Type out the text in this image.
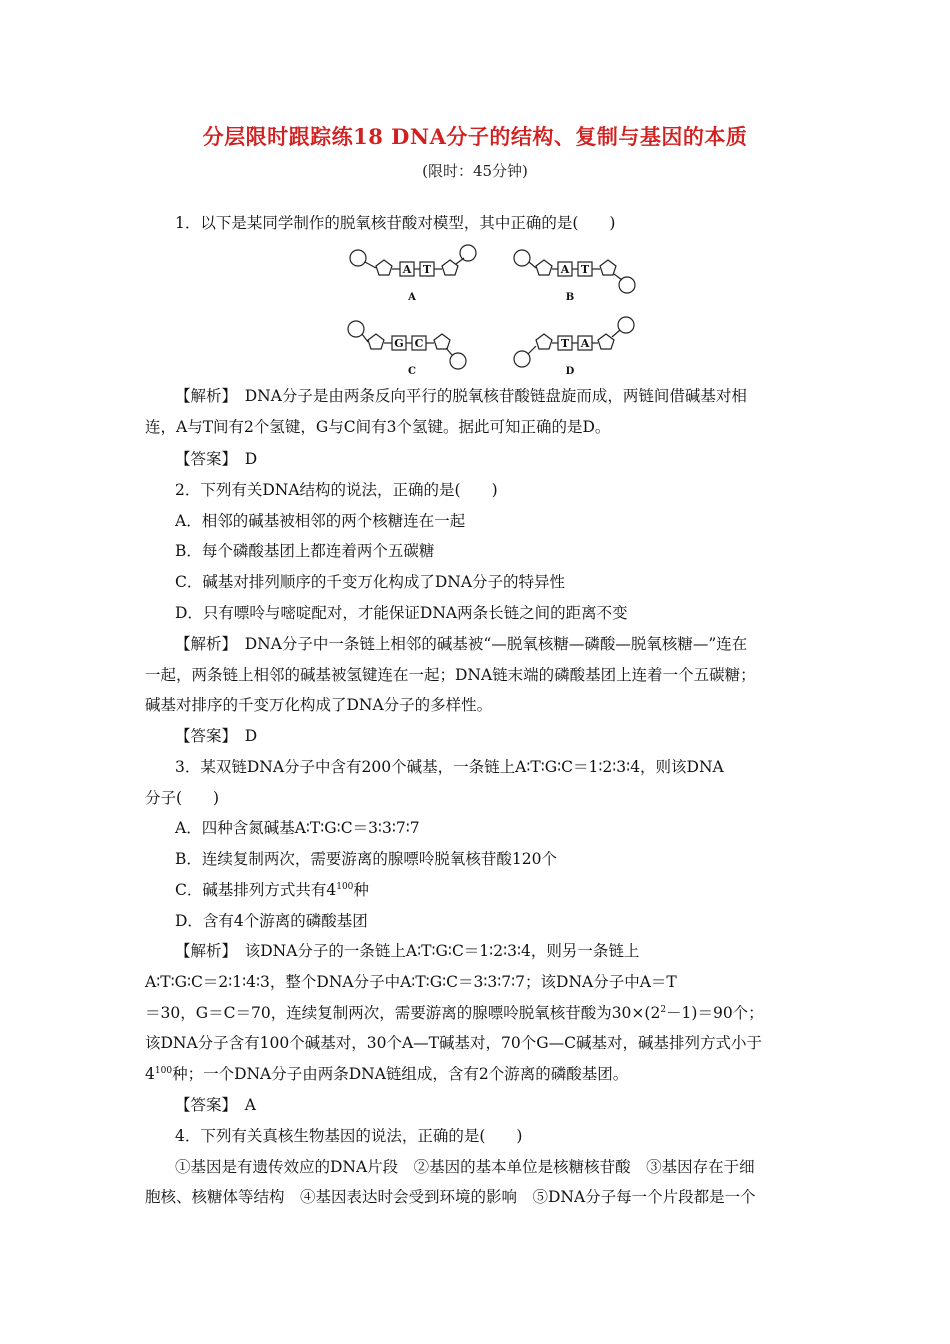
分层限时跟踪练18 DNA分子的结构、复制与基因的本质
(限时：45分钟)
1．以下是某同学制作的脱氧核苷酸对模型，其中正确的是(　　)
A T	A T
G C	T A
A	B
C	D
【解析】　DNA分子是由两条反向平行的脱氧核苷酸链盘旋而成，两链间借碱基对相
连，A与T间有2个氢键，G与C间有3个氢键。据此可知正确的是D。
【答案】　D
2．下列有关DNA结构的说法，正确的是(　　)
A．相邻的碱基被相邻的两个核糖连在一起
B．每个磷酸基团上都连着两个五碳糖
C．碱基对排列顺序的千变万化构成了DNA分子的特异性
D．只有嘌呤与嘧啶配对，才能保证DNA两条长链之间的距离不变
【解析】　DNA分子中一条链上相邻的碱基被“—脱氧核糖—磷酸—脱氧核糖—”连在
一起，两条链上相邻的碱基被氢键连在一起；DNA链末端的磷酸基团上连着一个五碳糖；
碱基对排序的千变万化构成了DNA分子的多样性。
【答案】　D
3．某双链DNA分子中含有200个碱基，一条链上A∶T∶G∶C＝1∶2∶3∶4，则该DNA
分子(　　)
A．四种含氮碱基A∶T∶G∶C＝3∶3∶7∶7
B．连续复制两次，需要游离的腺嘌呤脱氧核苷酸120个
C．碱基排列方式共有$4^{100}$种
D．含有4个游离的磷酸基团
【解析】　该DNA分子的一条链上A∶T∶G∶C＝1∶2∶3∶4，则另一条链上
A∶T∶G∶C＝2∶1∶4∶3，整个DNA分子中A∶T∶G∶C＝3∶3∶7∶7；该DNA分子中A＝T
＝30，G＝C＝70，连续复制两次，需要游离的腺嘌呤脱氧核苷酸为$30\times(2^2-1)=90$个；
该DNA分子含有100个碱基对，30个A—T碱基对，70个G—C碱基对，碱基排列方式小于
$4^{100}$种；一个DNA分子由两条DNA链组成，含有2个游离的磷酸基团。
【答案】　A
4．下列有关真核生物基因的说法，正确的是(　　)
①基因是有遗传效应的DNA片段　②基因的基本单位是核糖核苷酸　③基因存在于细
胞核、核糖体等结构　④基因表达时会受到环境的影响　⑤DNA分子每一个片段都是一个
